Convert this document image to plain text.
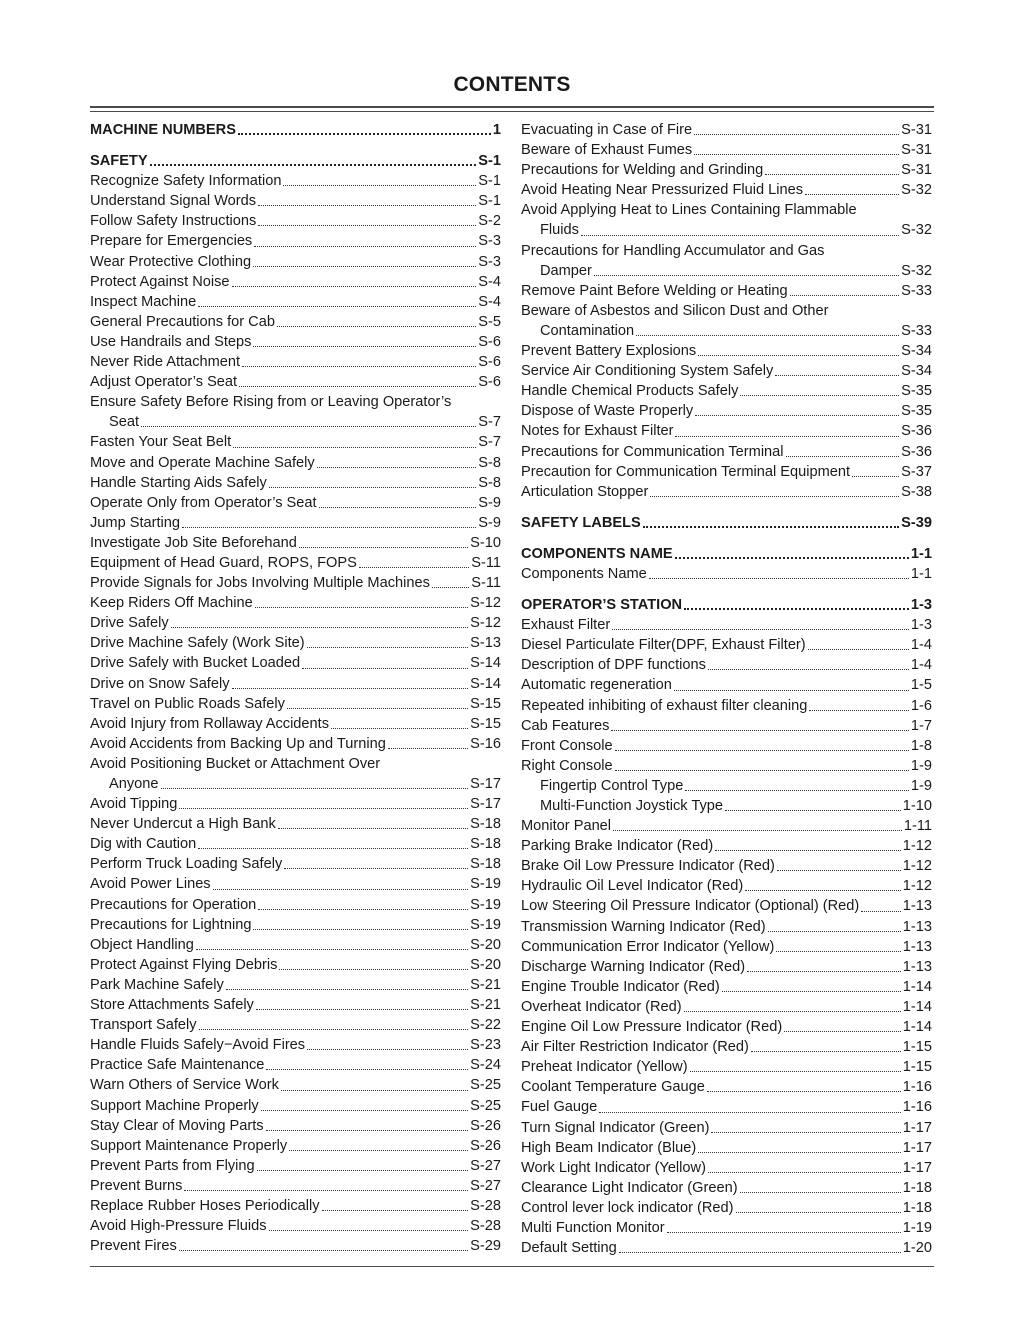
CONTENTS
MACHINE NUMBERS	1
SAFETY	S-1
Recognize Safety Information	S-1
Understand Signal Words	S-1
Follow Safety Instructions	S-2
Prepare for Emergencies	S-3
Wear Protective Clothing	S-3
Protect Against Noise	S-4
Inspect Machine	S-4
General Precautions for Cab	S-5
Use Handrails and Steps	S-6
Never Ride Attachment	S-6
Adjust Operator’s Seat	S-6
Ensure Safety Before Rising from or Leaving Operator’s
Seat	S-7
Fasten Your Seat Belt	S-7
Move and Operate Machine Safely	S-8
Handle Starting Aids Safely	S-8
Operate Only from Operator’s Seat	S-9
Jump Starting	S-9
Investigate Job Site Beforehand	S-10
Equipment of Head Guard, ROPS, FOPS	S-11
Provide Signals for Jobs Involving Multiple Machines	S-11
Keep Riders Off Machine	S-12
Drive Safely	S-12
Drive Machine Safely (Work Site)	S-13
Drive Safely with Bucket Loaded	S-14
Drive on Snow Safely	S-14
Travel on Public Roads Safely	S-15
Avoid Injury from Rollaway Accidents	S-15
Avoid Accidents from Backing Up and Turning	S-16
Avoid Positioning Bucket or Attachment Over
Anyone	S-17
Avoid Tipping	S-17
Never Undercut a High Bank	S-18
Dig with Caution	S-18
Perform Truck Loading Safely	S-18
Avoid Power Lines	S-19
Precautions for Operation	S-19
Precautions for Lightning	S-19
Object Handling	S-20
Protect Against Flying Debris	S-20
Park Machine Safely	S-21
Store Attachments Safely	S-21
Transport Safely	S-22
Handle Fluids Safely−Avoid Fires	S-23
Practice Safe Maintenance	S-24
Warn Others of Service Work	S-25
Support Machine Properly	S-25
Stay Clear of Moving Parts	S-26
Support Maintenance Properly	S-26
Prevent Parts from Flying	S-27
Prevent Burns	S-27
Replace Rubber Hoses Periodically	S-28
Avoid High-Pressure Fluids	S-28
Prevent Fires	S-29
Evacuating in Case of Fire	S-31
Beware of Exhaust Fumes	S-31
Precautions for Welding and Grinding	S-31
Avoid Heating Near Pressurized Fluid Lines	S-32
Avoid Applying Heat to Lines Containing Flammable
Fluids	S-32
Precautions for Handling Accumulator and Gas
Damper	S-32
Remove Paint Before Welding or Heating	S-33
Beware of Asbestos and Silicon Dust and Other
Contamination	S-33
Prevent Battery Explosions	S-34
Service Air Conditioning System Safely	S-34
Handle Chemical Products Safely	S-35
Dispose of Waste Properly	S-35
Notes for Exhaust Filter	S-36
Precautions for Communication Terminal	S-36
Precaution for Communication Terminal Equipment	S-37
Articulation Stopper	S-38
SAFETY LABELS	S-39
COMPONENTS NAME	1-1
Components Name	1-1
OPERATOR’S STATION	1-3
Exhaust Filter	1-3
Diesel Particulate Filter(DPF, Exhaust Filter)	1-4
Description of DPF functions	1-4
Automatic regeneration	1-5
Repeated inhibiting of exhaust filter cleaning	1-6
Cab Features	1-7
Front Console	1-8
Right Console	1-9
Fingertip Control Type	1-9
Multi-Function Joystick Type	1-10
Monitor Panel	1-11
Parking Brake Indicator (Red)	1-12
Brake Oil Low Pressure Indicator (Red)	1-12
Hydraulic Oil Level Indicator (Red)	1-12
Low Steering Oil Pressure Indicator (Optional) (Red)	1-13
Transmission Warning Indicator (Red)	1-13
Communication Error Indicator (Yellow)	1-13
Discharge Warning Indicator (Red)	1-13
Engine Trouble Indicator (Red)	1-14
Overheat Indicator (Red)	1-14
Engine Oil Low Pressure Indicator (Red)	1-14
Air Filter Restriction Indicator (Red)	1-15
Preheat Indicator (Yellow)	1-15
Coolant Temperature Gauge	1-16
Fuel Gauge	1-16
Turn Signal Indicator (Green)	1-17
High Beam Indicator (Blue)	1-17
Work Light Indicator (Yellow)	1-17
Clearance Light Indicator (Green)	1-18
Control lever lock indicator (Red)	1-18
Multi Function Monitor	1-19
Default Setting	1-20
